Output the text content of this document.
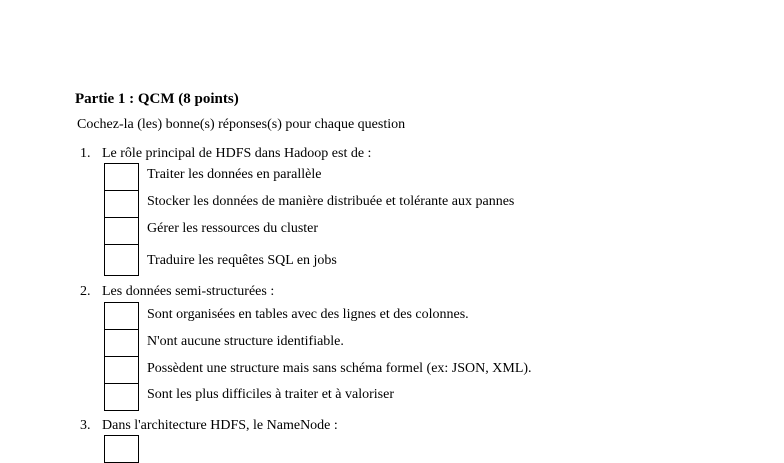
Partie 1 : QCM (8 points)
Cochez-la (les) bonne(s) réponses(s) pour chaque question
1. Le rôle principal de HDFS dans Hadoop est de :
Traiter les données en parallèle
Stocker les données de manière distribuée et tolérante aux pannes
Gérer les ressources du cluster
Traduire les requêtes SQL en jobs
2. Les données semi-structurées :
Sont organisées en tables avec des lignes et des colonnes.
N'ont aucune structure identifiable.
Possèdent une structure mais sans schéma formel (ex: JSON, XML).
Sont les plus difficiles à traiter et à valoriser
3. Dans l'architecture HDFS, le NameNode :
